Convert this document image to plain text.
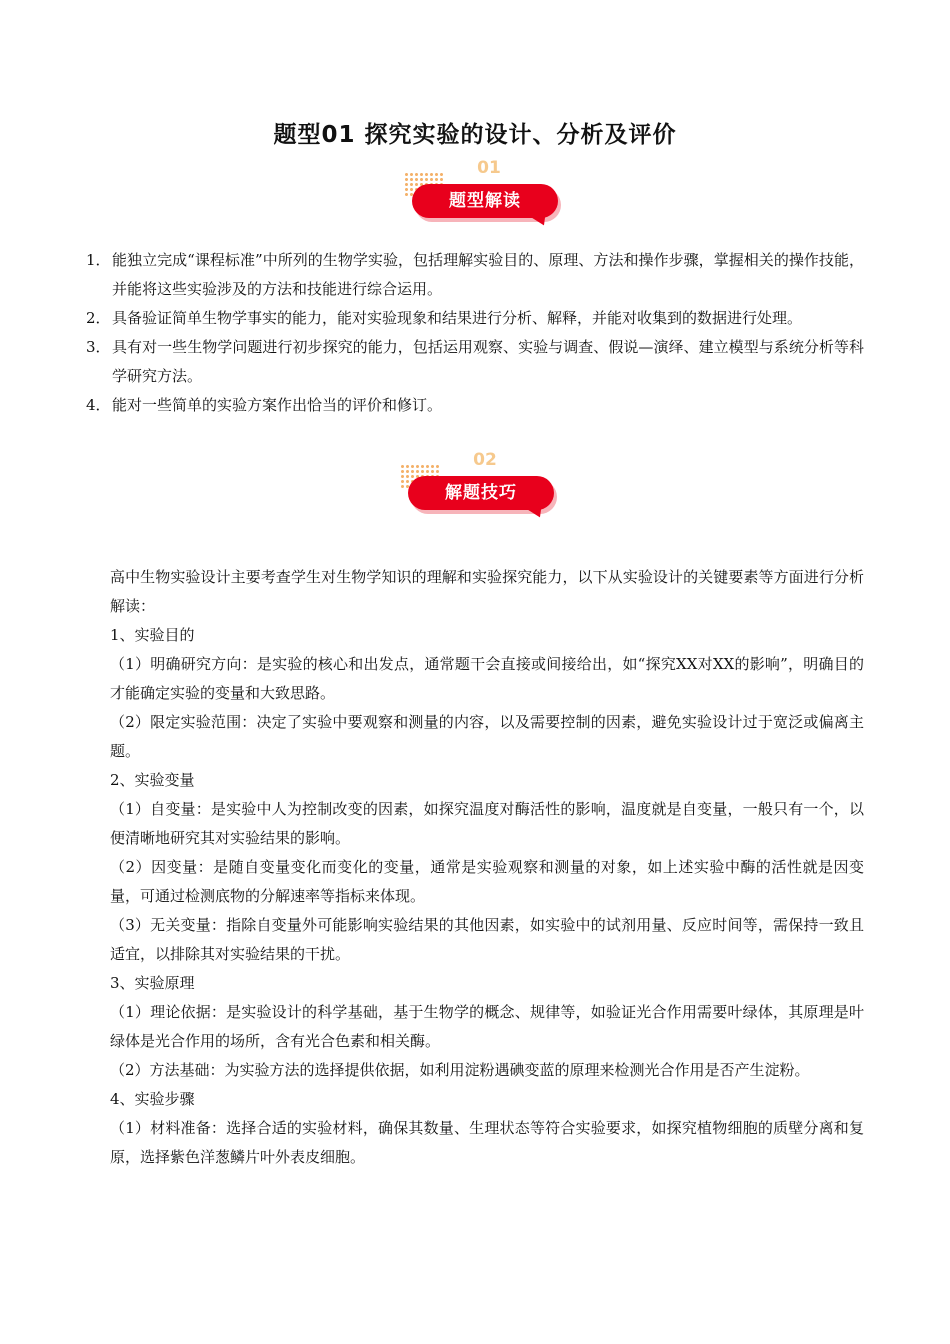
题型01 探究实验的设计、分析及评价
01
题型解读
1． 能独立完成“课程标准”中所列的生物学实验，包括理解实验目的、原理、方法和操作步骤，掌握相关的操作技能，并能将这些实验涉及的方法和技能进行综合运用。
2． 具备验证简单生物学事实的能力，能对实验现象和结果进行分析、解释，并能对收集到的数据进行处理。
3． 具有对一些生物学问题进行初步探究的能力，包括运用观察、实验与调查、假说—演绎、建立模型与系统分析等科学研究方法。
4． 能对一些简单的实验方案作出恰当的评价和修订。
02
解题技巧

高中生物实验设计主要考查学生对生物学知识的理解和实验探究能力，以下从实验设计的关键要素等方面进行分析解读：

1、实验目的

（1）明确研究方向：是实验的核心和出发点，通常题干会直接或间接给出，如“探究XX对XX的影响”，明确目的才能确定实验的变量和大致思路。

（2）限定实验范围：决定了实验中要观察和测量的内容，以及需要控制的因素，避免实验设计过于宽泛或偏离主题。

2、实验变量

（1）自变量：是实验中人为控制改变的因素，如探究温度对酶活性的影响，温度就是自变量，一般只有一个，以便清晰地研究其对实验结果的影响。

（2）因变量：是随自变量变化而变化的变量，通常是实验观察和测量的对象，如上述实验中酶的活性就是因变量，可通过检测底物的分解速率等指标来体现。

（3）无关变量：指除自变量外可能影响实验结果的其他因素，如实验中的试剂用量、反应时间等，需保持一致且适宜，以排除其对实验结果的干扰。

3、实验原理

（1）理论依据：是实验设计的科学基础，基于生物学的概念、规律等，如验证光合作用需要叶绿体，其原理是叶绿体是光合作用的场所，含有光合色素和相关酶。

（2）方法基础：为实验方法的选择提供依据，如利用淀粉遇碘变蓝的原理来检测光合作用是否产生淀粉。

4、实验步骤

（1）材料准备：选择合适的实验材料，确保其数量、生理状态等符合实验要求，如探究植物细胞的质壁分离和复原，选择紫色洋葱鳞片叶外表皮细胞。
